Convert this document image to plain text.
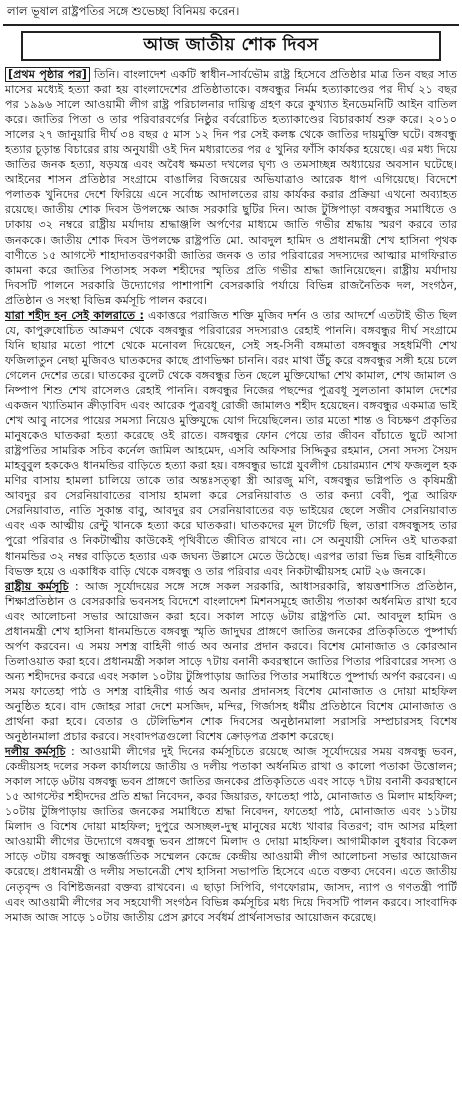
লাল ভূষাল রাষ্ট্রপতির সঙ্গে শুভেচ্ছা বিনিময় করেন।
আজ জাতীয় শোক দিবস

[প্রথম পৃষ্ঠার পর] তিনি। বাংলাদেশ একটি স্বাধীন-সার্বভৌম রাষ্ট্র হিসেবে প্রতিষ্ঠার মাত্র তিন বছর সাত মাসের মধ্যেই হত্যা করা হয় বাংলাদেশের প্রতিষ্ঠাতাকে। বঙ্গবন্ধুর নির্মম হত্যাকাণ্ডের পর দীর্ঘ ২১ বছর পর ১৯৯৬ সালে আওয়ামী লীগ রাষ্ট্র পরিচালনার দায়িত্ব গ্রহণ করে কুখ্যাত ইনডেমনিটি আইন বাতিল করে। জাতির পিতা ও তার পরিবারবর্গের নিষ্ঠুর বর্বরোচিত হত্যাকাণ্ডের বিচারকার্য শুরু করে। ২০১০ সালের ২৭ জানুয়ারি দীর্ঘ ৩৪ বছর ৫ মাস ১২ দিন পর সেই কলঙ্ক থেকে জাতির দায়মুক্তি ঘটে। বঙ্গবন্ধু হত্যার চূড়ান্ত বিচারের রায় অনুযায়ী ওই দিন মধ্যরাতের পর ৫ খুনির ফাঁসি কার্যকর হয়েছে। এর মধ্য দিয়ে জাতির জনক হত্যা, ষড়যন্ত্র এবং অবৈধ ক্ষমতা দখলের ঘৃণ্য ও তমসাচ্ছন্ন অধ্যায়ের অবসান ঘটেছে। আইনের শাসন প্রতিষ্ঠার সংগ্রামে বাঙালির বিজয়ের অভিযাত্রাও আরেক ধাপ এগিয়েছে। বিদেশে পলাতক খুনিদের দেশে ফিরিয়ে এনে সর্বোচ্চ আদালতের রায় কার্যকর করার প্রক্রিয়া এখনো অব্যাহত রয়েছে। জাতীয় শোক দিবস উপলক্ষে আজ সরকারি ছুটির দিন। আজ টুঙ্গিপাড়া বঙ্গবন্ধুর সমাধিতে ও ঢাকায় ৩২ নম্বরে রাষ্ট্রীয় মর্যাদায় শ্রদ্ধাঞ্জলি অর্পণের মাধ্যমে জাতি গভীর শ্রদ্ধায় স্মরণ করবে তার জনককে। জাতীয় শোক দিবস উপলক্ষে রাষ্ট্রপতি মো. আবদুল হামিদ ও প্রধানমন্ত্রী শেখ হাসিনা পৃথক বাণীতে ১৫ আগস্টে শাহাদাতবরণকারী জাতির জনক ও তার পরিবারের সদস্যদের আত্মার মাগফিরাত কামনা করে জাতির পিতাসহ সকল শহীদের স্মৃতির প্রতি গভীর শ্রদ্ধা জানিয়েছেন। রাষ্ট্রীয় মর্যাদায় দিবসটি পালনে সরকারি উদ্যোগের পাশাপাশি বেসরকারি পর্যায়ে বিভিন্ন রাজনৈতিক দল, সংগঠন, প্রতিষ্ঠান ও সংস্থা বিভিন্ন কর্মসূচি পালন করবে।

যারা শহীদ হন সেই কালরাতে : একাত্তরে পরাজিত শক্তি মুজিব দর্শন ও তার আদর্শে এতটাই ভীত ছিল যে, কাপুরুষোচিত আক্রমণ থেকে বঙ্গবন্ধুর পরিবারের সদস্যরাও রেহাই পাননি। বঙ্গবন্ধুর দীর্ঘ সংগ্রামে যিনি ছায়ার মতো পাশে থেকে মনোবল দিয়েছেন, সেই সহ-সিনী বঙ্গমাতা বঙ্গবন্ধুর সহধর্মিণী শেখ ফজিলাতুন নেছা মুজিবও ঘাতকদের কাছে প্রাণভিক্ষা চাননি। বরং মাথা উঁচু করে বঙ্গবন্ধুর সঙ্গী হয়ে চলে গেলেন দেশের তরে। ঘাতকের বুলেট থেকে বঙ্গবন্ধুর তিন ছেলে মুক্তিযোদ্ধা শেখ কামাল, শেখ জামাল ও নিষ্পাপ শিশু শেখ রাসেলও রেহাই পাননি। বঙ্গবন্ধুর নিজের পছন্দের পুত্রবধূ সুলতানা কামাল দেশের একজন খ্যাতিমান ক্রীড়াবিদ এবং আরেক পুত্রবধূ রোজী জামালও শহীদ হয়েছেন। বঙ্গবন্ধুর একমাত্র ভাই শেখ আবু নাসের পায়ের সমস্যা নিয়েও মুক্তিযুদ্ধে যোগ দিয়েছিলেন। তার মতো শান্ত ও বিচক্ষণ প্রকৃতির মানুষকেও ঘাতকরা হত্যা করেছে ওই রাতে। বঙ্গবন্ধুর ফোন পেয়ে তার জীবন বাঁচাতে ছুটে আসা রাষ্ট্রপতির সামরিক সচিব কর্নেল জামিল আহমেদ, এসবি অফিসার সিদ্দিকুর রহমান, সেনা সদস্য সৈয়দ মাহবুবুল হককেও ধানমন্ডির বাড়িতে হত্যা করা হয়। বঙ্গবন্ধুর ভাগ্নে যুবলীগ চেয়ারম্যান শেখ ফজলুল হক মণির বাসায় হামলা চালিয়ে তাকে তার অন্তঃসত্ত্বা স্ত্রী আরজু মণি, বঙ্গবন্ধুর ভগ্নিপতি ও কৃষিমন্ত্রী আবদুর রব সেরনিয়াবাতের বাসায় হামলা করে সেরনিয়াবাত ও তার কন্যা বেবী, পুত্র আরিফ সেরনিয়াবাত, নাতি সুকান্ত বাবু, আবদুর রব সেরনিয়াবাতের বড় ভাইয়ের ছেলে সজীব সেরনিয়াবাত এবং এক আত্মীয় রেন্টু খানকে হত্যা করে ঘাতকরা। ঘাতকদের মূল টার্গেট ছিল, তারা বঙ্গবন্ধুসহ তার পুরো পরিবার ও নিকটাত্মীয় কাউকেই পৃথিবীতে জীবিত রাখবে না। সে অনুযায়ী সেদিন ওই ঘাতকরা ধানমন্ডির ৩২ নম্বর বাড়িতে হত্যার এক জঘন্য উল্লাসে মেতে উঠেছে। এরপর তারা ভিন্ন ভিন্ন বাহিনীতে বিভক্ত হয়ে ও একাধিক বাড়ি থেকে বঙ্গবন্ধু ও তার পরিবার এবং নিকটাত্মীয়সহ মোট ২৬ জনকে।

রাষ্ট্রীয় কর্মসূচি : আজ সূর্যোদয়ের সঙ্গে সঙ্গে সকল সরকারি, আধাসরকারি, স্বায়ত্তশাসিত প্রতিষ্ঠান, শিক্ষাপ্রতিষ্ঠান ও বেসরকারি ভবনসহ বিদেশে বাংলাদেশ মিশনসমূহে জাতীয় পতাকা অর্ধনমিত রাখা হবে এবং আলোচনা সভার আয়োজন করা হবে। সকাল সাড়ে ৬টায় রাষ্ট্রপতি মো. আবদুল হামিদ ও প্রধানমন্ত্রী শেখ হাসিনা ধানমন্ডিতে বঙ্গবন্ধু স্মৃতি জাদুঘর প্রাঙ্গণে জাতির জনকের প্রতিকৃতিতে পুষ্পার্ঘ্য অর্পণ করবেন। এ সময় সশস্ত্র বাহিনী গার্ড অব অনার প্রদান করবে। বিশেষ মোনাজাত ও কোরআন তিলাওয়াত করা হবে। প্রধানমন্ত্রী সকাল সাড়ে ৭টায় বনানী কবরস্থানে জাতির পিতার পরিবারের সদস্য ও অন্য শহীদদের কবরে এবং সকাল ১০টায় টুঙ্গিপাড়ায় জাতির পিতার সমাধিতে পুষ্পার্ঘ্য অর্পণ করবেন। এ সময় ফাতেহা পাঠ ও সশস্ত্র বাহিনীর গার্ড অব অনার প্রদানসহ বিশেষ মোনাজাত ও দোয়া মাহফিল অনুষ্ঠিত হবে। বাদ জোহর সারা দেশে মসজিদ, মন্দির, গির্জাসহ ধর্মীয় প্রতিষ্ঠানে বিশেষ মোনাজাত ও প্রার্থনা করা হবে। বেতার ও টেলিভিশন শোক দিবসের অনুষ্ঠানমালা সরাসরি সম্প্রচারসহ বিশেষ অনুষ্ঠানমালা প্রচার করবে। সংবাদপত্রগুলো বিশেষ ক্রোড়পত্র প্রকাশ করেছে।

দলীয় কর্মসূচি : আওয়ামী লীগের দুই দিনের কর্মসূচিতে রয়েছে আজ সূর্যোদয়ের সময় বঙ্গবন্ধু ভবন, কেন্দ্রীয়সহ দলের সকল কার্যালয়ে জাতীয় ও দলীয় পতাকা অর্ধনমিত রাখা ও কালো পতাকা উত্তোলন; সকাল সাড়ে ৬টায় বঙ্গবন্ধু ভবন প্রাঙ্গণে জাতির জনকের প্রতিকৃতিতে এবং সাড়ে ৭টায় বনানী কবরস্থানে ১৫ আগস্টের শহীদদের প্রতি শ্রদ্ধা নিবেদন, কবর জিয়ারত, ফাতেহা পাঠ, মোনাজাত ও মিলাদ মাহফিল; ১০টায় টুঙ্গিপাড়ায় জাতির জনকের সমাধিতে শ্রদ্ধা নিবেদন, ফাতেহা পাঠ, মোনাজাত এবং ১১টায় মিলাদ ও বিশেষ দোয়া মাহফিল; দুপুরে অসচ্ছল-দুস্থ মানুষের মধ্যে খাবার বিতরণ; বাদ আসর মহিলা আওয়ামী লীগের উদ্যোগে বঙ্গবন্ধু ভবন প্রাঙ্গণে মিলাদ ও দোয়া মাহফিল। আগামীকাল বুধবার বিকেল সাড়ে ৩টায় বঙ্গবন্ধু আন্তর্জাতিক সম্মেলন কেন্দ্রে কেন্দ্রীয় আওয়ামী লীগ আলোচনা সভার আয়োজন করেছে। প্রধানমন্ত্রী ও দলীয় সভানেত্রী শেখ হাসিনা সভাপতি হিসেবে এতে বক্তব্য দেবেন। এতে জাতীয় নেতৃবৃন্দ ও বিশিষ্টজনরা বক্তব্য রাখবেন। এ ছাড়া সিপিবি, গণফোরাম, জাসদ, ন্যাপ ও গণতন্ত্রী পার্টি এবং আওয়ামী লীগের সব সহযোগী সংগঠন বিভিন্ন কর্মসূচির মধ্য দিয়ে দিবসটি পালন করবে। সাংবাদিক সমাজ আজ সাড়ে ১০টায় জাতীয় প্রেস ক্লাবে সর্বধর্ম প্রার্থনাসভার আয়োজন করেছে।
